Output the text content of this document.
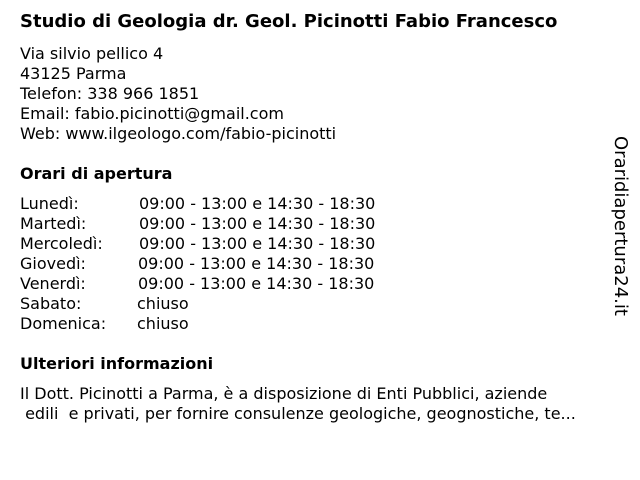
Studio di Geologia dr. Geol. Picinotti Fabio Francesco
Via silvio pellico 4
43125 Parma
Telefon: 338 966 1851
Email: fabio.picinotti@gmail.com
Web: www.ilgeologo.com/fabio-picinotti
Orari di apertura
Lunedì:	09:00 - 13:00 e 14:30 - 18:30
Martedì:	09:00 - 13:00 e 14:30 - 18:30
Mercoledì: 09:00 - 13:00 e 14:30 - 18:30
Giovedì:	09:00 - 13:00 e 14:30 - 18:30
Venerdì:	09:00 - 13:00 e 14:30 - 18:30
Sabato:	chiuso
Domenica: chiuso
Ulteriori informazioni
Il Dott. Picinotti a Parma, è a disposizione di Enti Pubblici, aziende
edili  e privati, per fornire consulenze geologiche, geognostiche, te...
Oraridiapertura24.it
